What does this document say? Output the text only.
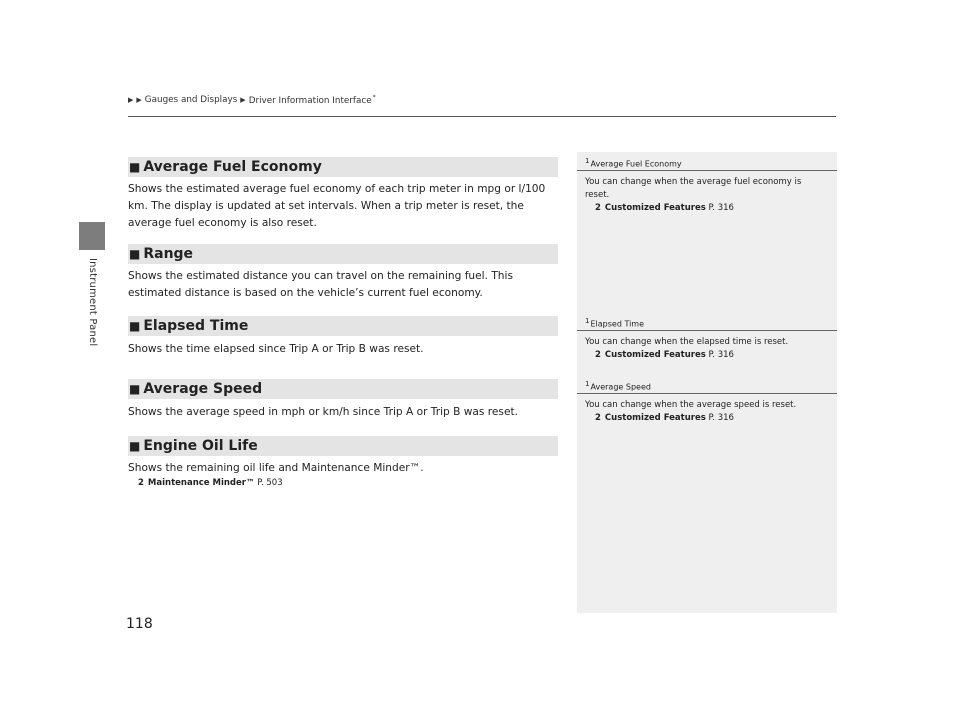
Instrument Panel
▶ ▶ Gauges and Displays ▶ Driver Information Interface*
■ Average Fuel Economy
Shows the estimated average fuel economy of each trip meter in mpg or l/100 km. The display is updated at set intervals. When a trip meter is reset, the average fuel economy is also reset.
■ Range
Shows the estimated distance you can travel on the remaining fuel. This estimated distance is based on the vehicle’s current fuel economy.
■ Elapsed Time
Shows the time elapsed since Trip A or Trip B was reset.
■ Average Speed
Shows the average speed in mph or km/h since Trip A or Trip B was reset.
■ Engine Oil Life
Shows the remaining oil life and Maintenance Minder™.
2 Maintenance Minder™ P. 503
1Average Fuel Economy
You can change when the average fuel economy is reset.
2 Customized Features P. 316
1Elapsed Time
You can change when the elapsed time is reset.
2 Customized Features P. 316
1Average Speed
You can change when the average speed is reset.
2 Customized Features P. 316
118
